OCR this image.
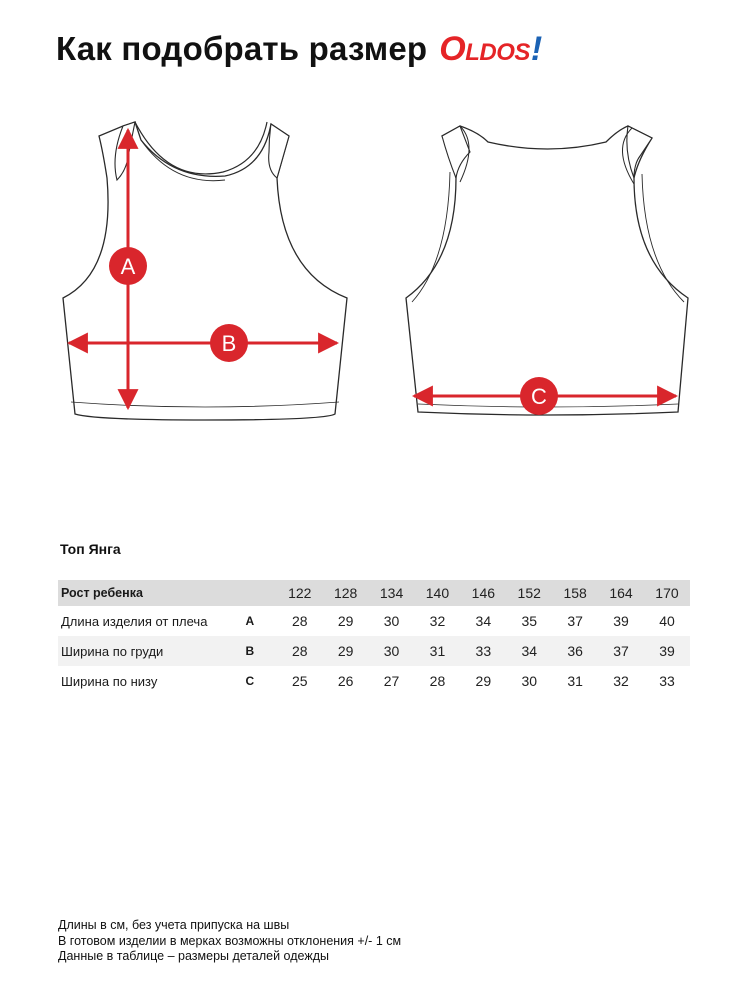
Как подобрать размер O LDOS !
A
B
C
Топ Янга
Рост ребенка		122	128	134	140	146	152	158	164	170
Длина изделия от плеча	A	28	29	30	32	34	35	37	39	40
Ширина по груди	B	28	29	30	31	33	34	36	37	39
Ширина по низу	C	25	26	27	28	29	30	31	32	33
Длины в см, без учета припуска на швы
В готовом изделии в мерках возможны отклонения +/- 1 см
Данные в таблице – размеры деталей одежды
